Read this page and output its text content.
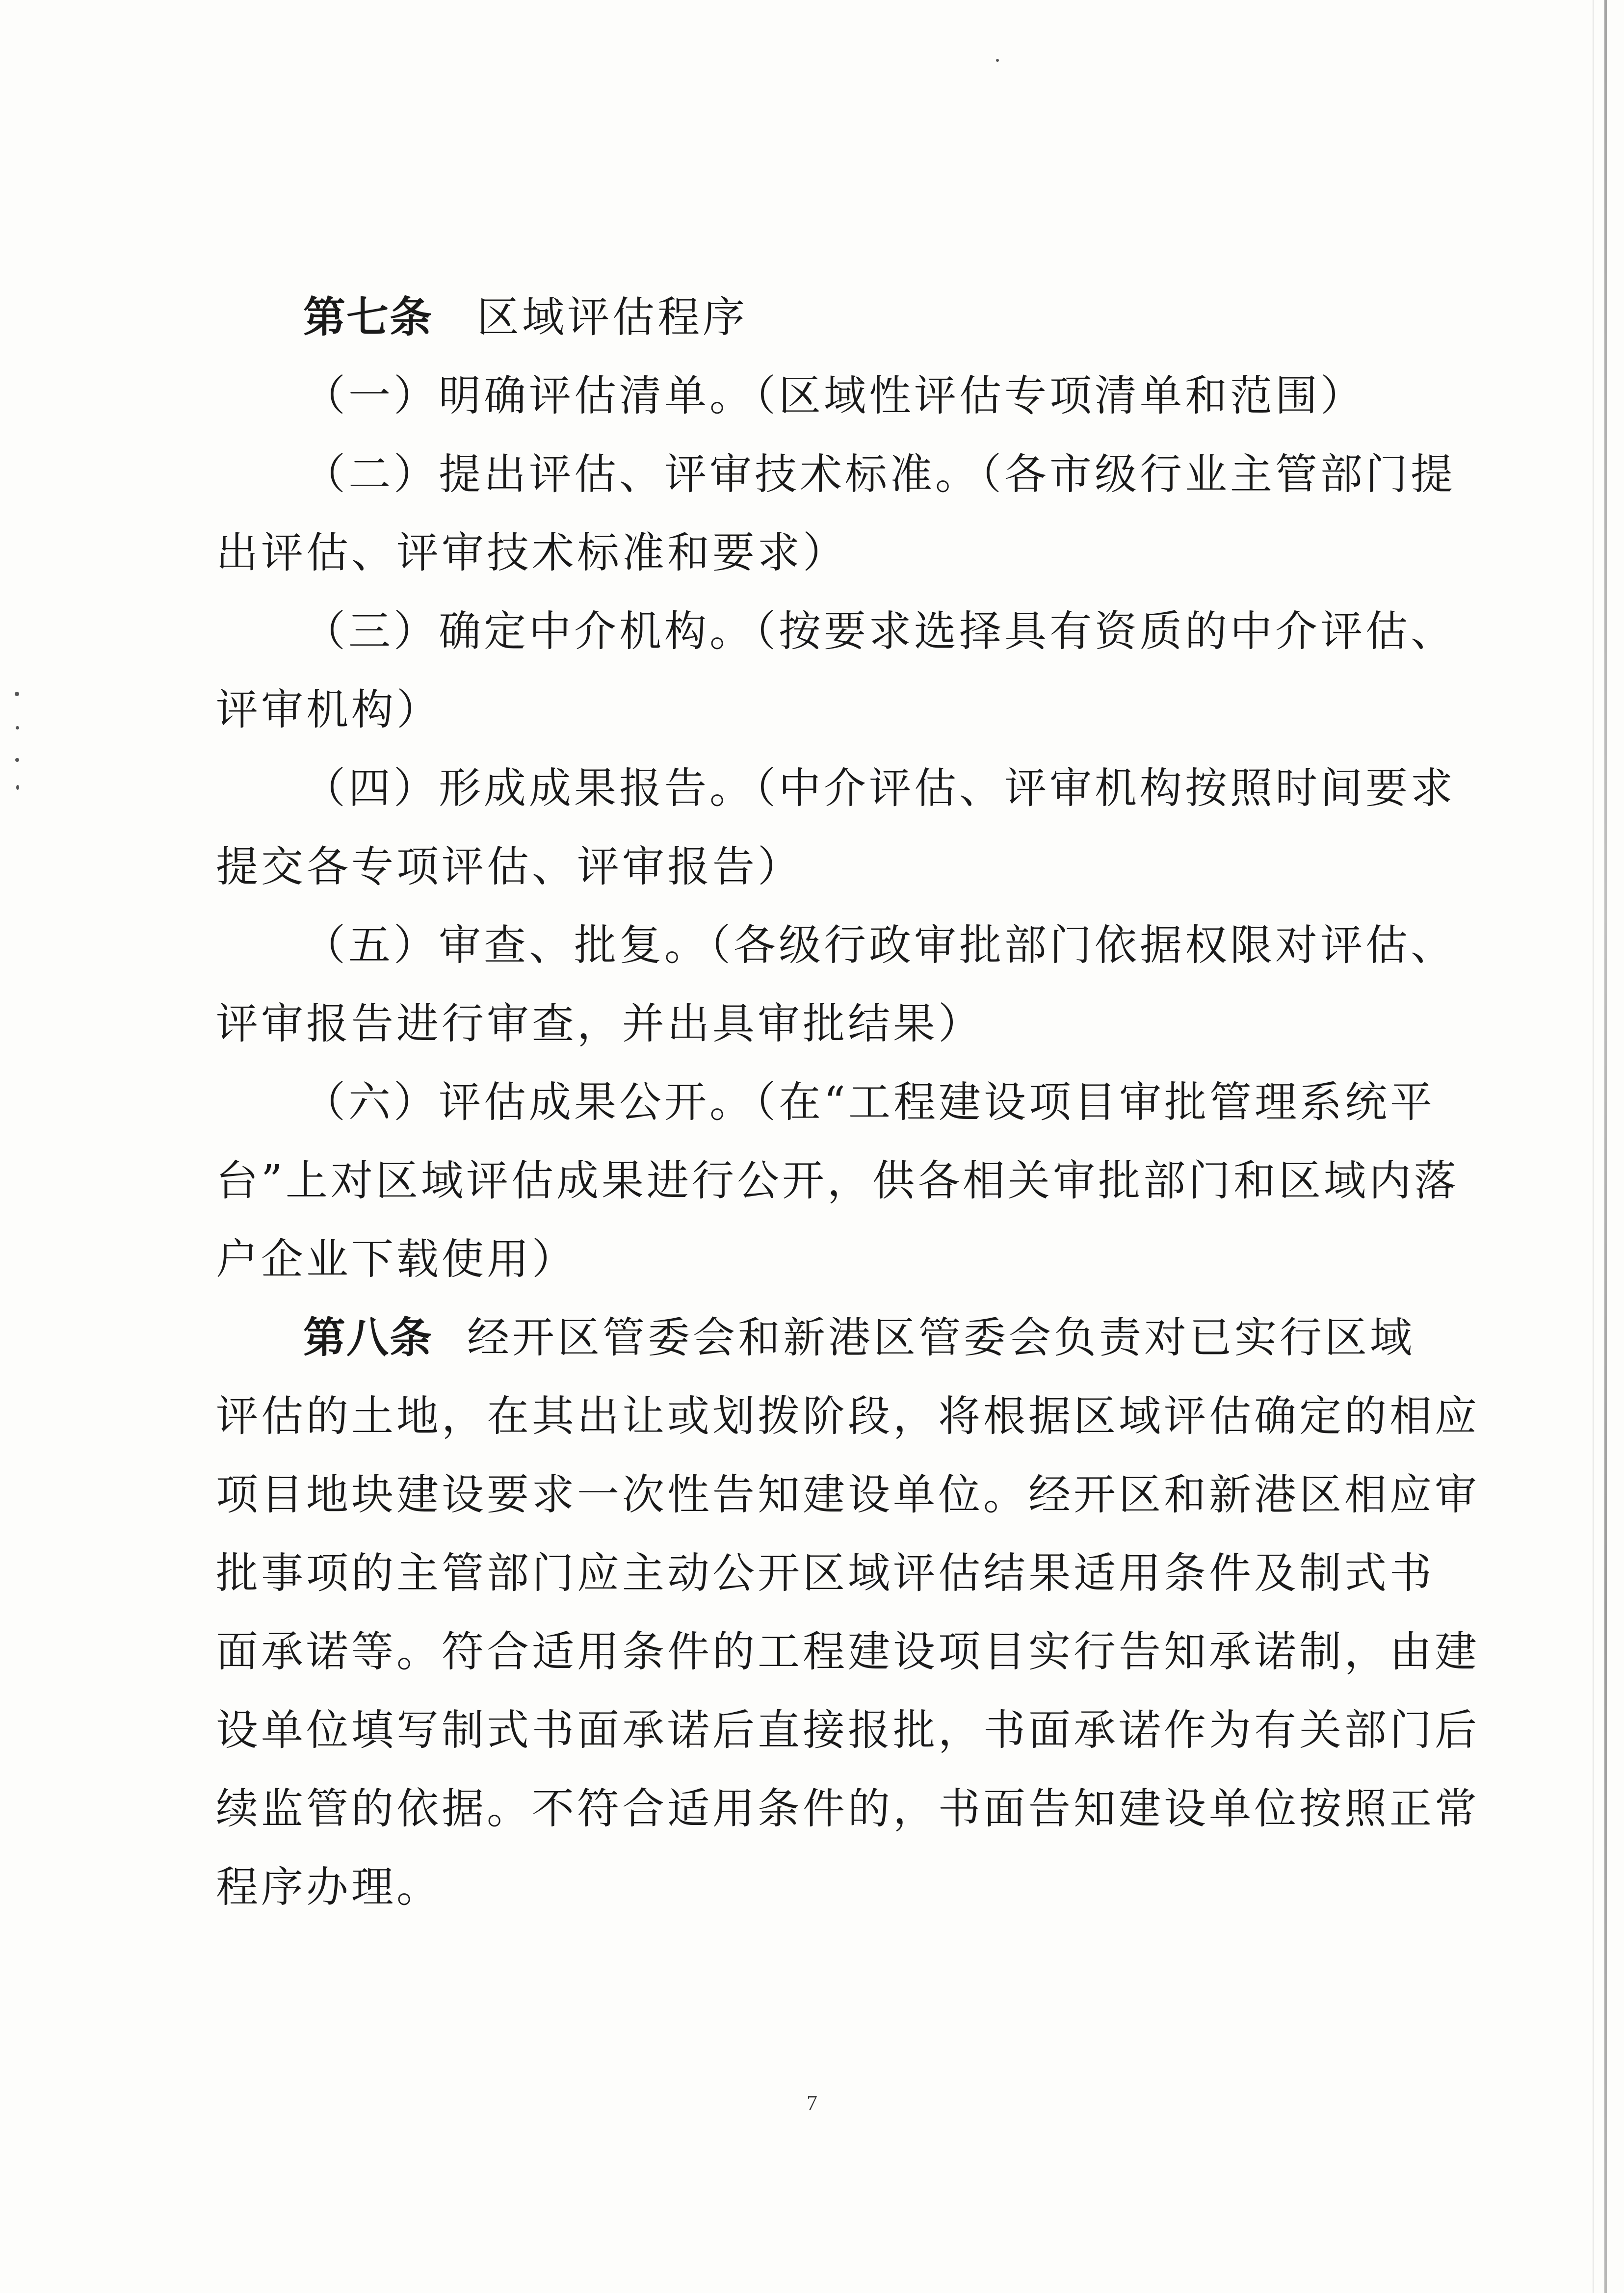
第七条 区域评估程序
（一）明确评估清单。（区域性评估专项清单和范围）
（二）提出评估、评审技术标准。（各市级行业主管部门提
出评估、评审技术标准和要求）
（三）确定中介机构。（按要求选择具有资质的中介评估、
评审机构）
（四）形成成果报告。（中介评估、评审机构按照时间要求
提交各专项评估、评审报告）
（五）审查、批复。（各级行政审批部门依据权限对评估、
评审报告进行审查，并出具审批结果）
（六）评估成果公开。（在“工程建设项目审批管理系统平
台”上对区域评估成果进行公开，供各相关审批部门和区域内落
户企业下载使用）
第八条 经开区管委会和新港区管委会负责对已实行区域
评估的土地，在其出让或划拨阶段，将根据区域评估确定的相应
项目地块建设要求一次性告知建设单位。经开区和新港区相应审
批事项的主管部门应主动公开区域评估结果适用条件及制式书
面承诺等。符合适用条件的工程建设项目实行告知承诺制，由建
设单位填写制式书面承诺后直接报批，书面承诺作为有关部门后
续监管的依据。不符合适用条件的，书面告知建设单位按照正常
程序办理。
7
